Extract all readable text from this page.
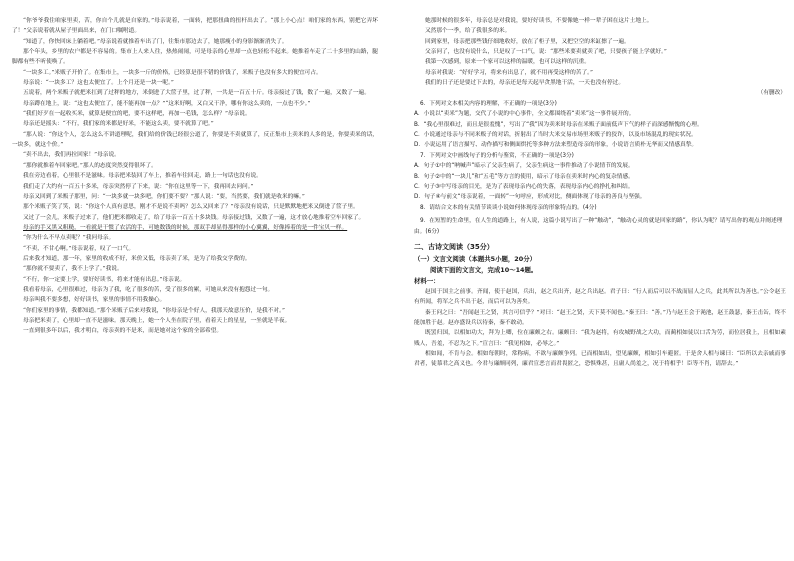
“你爷爷我住咱家里卖，苦，你自个儿就是自家的。”母亲说着，一面转，把那扭曲的扭杆出去了。“那上小心点！咱们家的东西，别把它弄坏了！”父亲说着就从屋子里面出来，在门口嘱咐道。

“知道了，你快回床上躺着吧。”母亲说着就推着车出了门，往集市那边去了，她那瘦小的身影渐渐消失了。

那个年头，乡里的农户都是不容易的。集市上人来人往，热热闹闹，可是母亲的心里却一点也轻松不起来。她推着车走了二十多里的山路，腿脚都有些不听使唤了。

“一块多工。”米贩子开价了。在集市上，一块多一斤的价格，已经算是很不错的价钱了，米贩子也没有多大的便宜可占。

母亲说：“一块多工？这也太便宜了。上个月还是一块一呢。”

五说着，两个米贩子就把米扛到了过秤的地方，米倒进了大筐子里，过了秤，一共是一百五十斤。母亲接过了钱，数了一遍，又数了一遍。

母亲蹲在地上，说：“这也太便宜了，能不能再加一点？”“这米好啊，又白又干净，哪有你这么卖的，一点也不少。”

“我们好歹在一起收买米，就算是便宜的吧，要不这样吧，再加一毛钱，怎么样？”母亲说。

母亲还是摇头：“不行，我们家的米都是好米，不能这么卖，要不就算了吧。”

“那人说：“你这个人，怎么这么不讲道理呢，我们给的价钱已经很公道了，你要是不卖就算了，反正集市上卖米的人多的是，你要卖米的话，一块多，就这个价。”

“卖不出去，我们再拉回家！”母亲说。

“那你就推着车回家吧。”那人的态度突然变得很坏了。

我在旁边看着，心里很不是滋味。母亲把米装回了车上，推着车往回走，路上一句话也没有说。

我们走了大约有一百五十多米，母亲突然停了下来，说：“你在这里等一下，我再回去问问。”

母亲又回到了米贩子那里，问：“一块多就一块多吧，你们要不要？”那人说：“要，当然要，我们就是收米的嘛。”

那个米贩子笑了笑，说：“你这个人真有意思，刚才不是说不卖吗？怎么又回来了？”母亲没有说话，只是默默地把米又倒进了筐子里。

又过了一会儿，米贩子过来了，他们把米都收走了，给了母亲一百五十多块钱。母亲接过钱，又数了一遍，这才放心地推着空车回家了。

母亲的手又黑又粗糙，一看就是干惯了农活的手，可她数钱的时候，那双手却显得那样的小心翼翼，好像捧着的是一件宝贝一样。

“你为什么不早点卖呢？”我问母亲。

“不卖，不甘心啊。”母亲说着，叹了一口气。

后来我才知道，那一年，家里的收成不好，米价又低，母亲卖了米，是为了给我交学费的。

“那你就不要卖了，我不上学了。”我说。

“不行，你一定要上学，要好好读书，将来才能有出息。”母亲说。

我看着母亲，心里很难过，母亲为了我，吃了很多的苦，受了很多的累，可她从来没有抱怨过一句。

母亲叫我不要多想，好好读书，家里的事情不用我操心。

“你们家里的事情，我都知道。”那个米贩子后来对我说，“你母亲是个好人，我那天故意压价，是我不对。”

母亲把米卖了，心里却一直不是滋味。那天晚上，她一个人坐在院子里，看着天上的星星，一坐就是半夜。

一直到很多年以后，我才明白，母亲卖的不是米，而是她对这个家的全部希望。

她那时候的很多年，母亲总是对我说，要好好读书，不要像她一样一辈子困在这片土地上。

又然那个一季，给了我很多的米。

回到家里，母亲把那些钱仔细地收好，放在了柜子里，又把空空的米缸擦了一遍。

父亲问了，也没有说什么，只是叹了一口气，说：“那些米要卖就卖了吧，只要孩子能上学就好。”

我第一次感到，原来一个家可以这样的温暖，也可以这样的沉重。

母亲对我说：“好好学习，将来有出息了，就不用再受这样的苦了。”

我们的日子还是要过下去的，母亲还是每天起早贪黑地干活，一天也没有停过。

（有删改）

6．下列对文本相关内容的理解，不正确的一项是(3分)

A．小说以“卖米”为题，交代了小说的中心事件，全文都围绕着“卖米”这一事件展开的。

B．“我心里很难过，而且是很羞愧”，写出了“我”因为卖米时母亲在米贩子面前低声下气的样子而深感惭愧的心理。

C．小说通过母亲与不同米贩子的对话，折射出了当时大米交易市场里米贩子的狡诈，以及市场混乱的现实状况。

D．小说运用了语言描写、动作描写和侧面烘托等多种方法来塑造母亲的形象，小说语言质朴无华而又情感真挚。

7．下列对文中画线句子的分析与鉴赏，不正确的一项是(3分)

A．句子①中的“呐喊声”暗示了父亲生病了，父亲生病这一事件推动了小说情节的发展。

B．句子②中的“一块儿”和“五毛”等方言的使用，暗示了母亲在卖米时内心的复杂情感。

C．句子③中写母亲的目光，是为了表现母亲内心的失落，表现母亲内心的挣扎和纠结。

D．句子④与前文“母亲说着，一面转”一句呼应，形成对比，侧面体现了母亲的善良与坚强。

8．请结合文本的有关情节谈谈小说如何体现母亲的形象特点的。(4分)

9．在短暂的生命里，在人生的道路上，有人说，这篇小说写出了一种“触动”，“触动心灵的就是回家的路”，你认为呢？请写出你的观点并阐述理由。(6分)

二、古诗文阅读（35分）

（一）文言文阅读（本题共5小题，20分）

阅读下面的文言文，完成10～14题。

材料一：

赵国于国主之前事。齐闻，使于赵国，兵出，赵之兵出齐，赵之兵出赵。君子曰：“行人而后可以不战而屈人之兵，此其所以为善也。”公令赵王有所闻，将军之兵不出于赵，而后可以为善矣。

秦王问之曰：“吾闻赵王之贤，其言可信乎？”对曰：“赵王之贤，天下莫不闻也。”秦王曰：“善。”乃与赵王会于渑池，赵王鼓瑟，秦王击缶，终不能加胜于赵。赵亦盛设兵以待秦，秦不敢动。

既罢归国，以相如功大，拜为上卿，位在廉颇之右。廉颇曰：“我为赵将，有攻城野战之大功，而蔺相如徒以口舌为劳，而位居我上，且相如素贱人，吾羞，不忍为之下。”宣言曰：“我见相如，必辱之。”

相如闻，不肯与会。相如每朝时，常称病，不欲与廉颇争列。已而相如出，望见廉颇，相如引车避匿。于是舍人相与谏曰：“臣所以去亲戚而事君者，徒慕君之高义也。今君与廉颇同列，廉君宣恶言而君畏匿之，恐惧殊甚，且庸人尚羞之，况于将相乎！臣等不肖，请辞去。”
